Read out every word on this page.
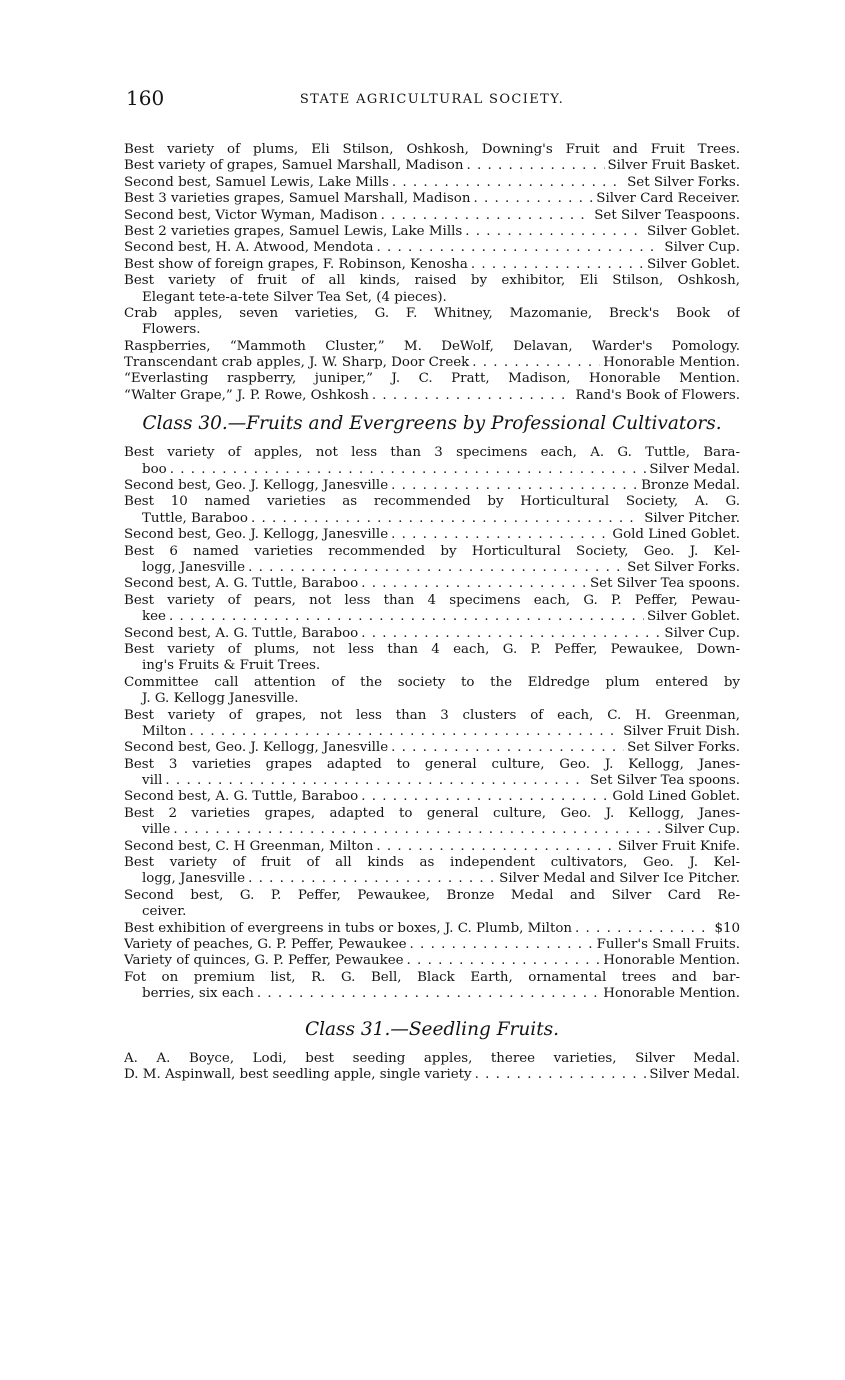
160	STATE AGRICULTURAL SOCIETY.
Best variety of plums, Eli Stilson, Oshkosh, Downing's Fruit and Fruit Trees.
Best variety of grapes, Samuel Marshall, Madison . . .	Silver Fruit Basket.
Second best, Samuel Lewis, Lake Mills . . .	Set Silver Forks.
Best 3 varieties grapes, Samuel Marshall, Madison . . .	Silver Card Receiver.
Second best, Victor Wyman, Madison . . .	Set Silver Teaspoons.
Best 2 varieties grapes, Samuel Lewis, Lake Mills . . .	Silver Goblet.
Second best, H. A. Atwood, Mendota . . .	Silver Cup.
Best show of foreign grapes, F. Robinson, Kenosha . . .	Silver Goblet.
Best variety of fruit of all kinds, raised by exhibitor, Eli Stilson, Oshkosh,
Elegant tete-a-tete Silver Tea Set, (4 pieces).
Crab apples, seven varieties, G. F. Whitney, Mazomanie, Breck's Book of
Flowers.
Raspberries, “Mammoth Cluster,” M. DeWolf, Delavan, Warder's Pomology.
Transcendant crab apples, J. W. Sharp, Door Creek . . .	Honorable Mention.
“Everlasting raspberry, juniper,” J. C. Pratt, Madison, Honorable Mention.
“Walter Grape,” J. P. Rowe, Oshkosh . . .	Rand's Book of Flowers.
Class 30.—Fruits and Evergreens by Professional Cultivators.
Best variety of apples, not less than 3 specimens each, A. G. Tuttle, Bara-
boo . . .	Silver Medal.
Second best, Geo. J. Kellogg, Janesville . . .	Bronze Medal.
Best 10 named varieties as recommended by Horticultural Society, A. G.
Tuttle, Baraboo . . .	Silver Pitcher.
Second best, Geo. J. Kellogg, Janesville . . .	Gold Lined Goblet.
Best 6 named varieties recommended by Horticultural Society, Geo. J. Kel-
logg, Janesville . . .	Set Silver Forks.
Second best, A. G. Tuttle, Baraboo . . .	Set Silver Tea spoons.
Best variety of pears, not less than 4 specimens each, G. P. Peffer, Pewau-
kee . . .	Silver Goblet.
Second best, A. G. Tuttle, Baraboo . . .	Silver Cup.
Best variety of plums, not less than 4 each, G. P. Peffer, Pewaukee, Down-
ing's Fruits & Fruit Trees.
Committee call attention of the society to the Eldredge plum entered by
J. G. Kellogg Janesville.
Best variety of grapes, not less than 3 clusters of each, C. H. Greenman,
Milton . . .	Silver Fruit Dish.
Second best, Geo. J. Kellogg, Janesville . . .	Set Silver Forks.
Best 3 varieties grapes adapted to general culture, Geo. J. Kellogg, Janes-
vill . . .	Set Silver Tea spoons.
Second best, A. G. Tuttle, Baraboo . . .	Gold Lined Goblet.
Best 2 varieties grapes, adapted to general culture, Geo. J. Kellogg, Janes-
ville . . .	Silver Cup.
Second best, C. H Greenman, Milton . . .	Silver Fruit Knife.
Best variety of fruit of all kinds as independent cultivators, Geo. J. Kel-
logg, Janesville . . .	Silver Medal and Silver Ice Pitcher.
Second best, G. P. Peffer, Pewaukee, Bronze Medal and Silver Card Re-
ceiver.
Best exhibition of evergreens in tubs or boxes, J. C. Plumb, Milton . . .	$10
Variety of peaches, G. P. Peffer, Pewaukee . . .	Fuller's Small Fruits.
Variety of quinces, G. P. Peffer, Pewaukee . . .	Honorable Mention.
Fot on premium list, R. G. Bell, Black Earth, ornamental trees and bar-
berries, six each . . .	Honorable Mention.
Class 31.—Seedling Fruits.
A. A. Boyce, Lodi, best seeding apples, theree varieties, Silver Medal.
D. M. Aspinwall, best seedling apple, single variety . . .	Silver Medal.
